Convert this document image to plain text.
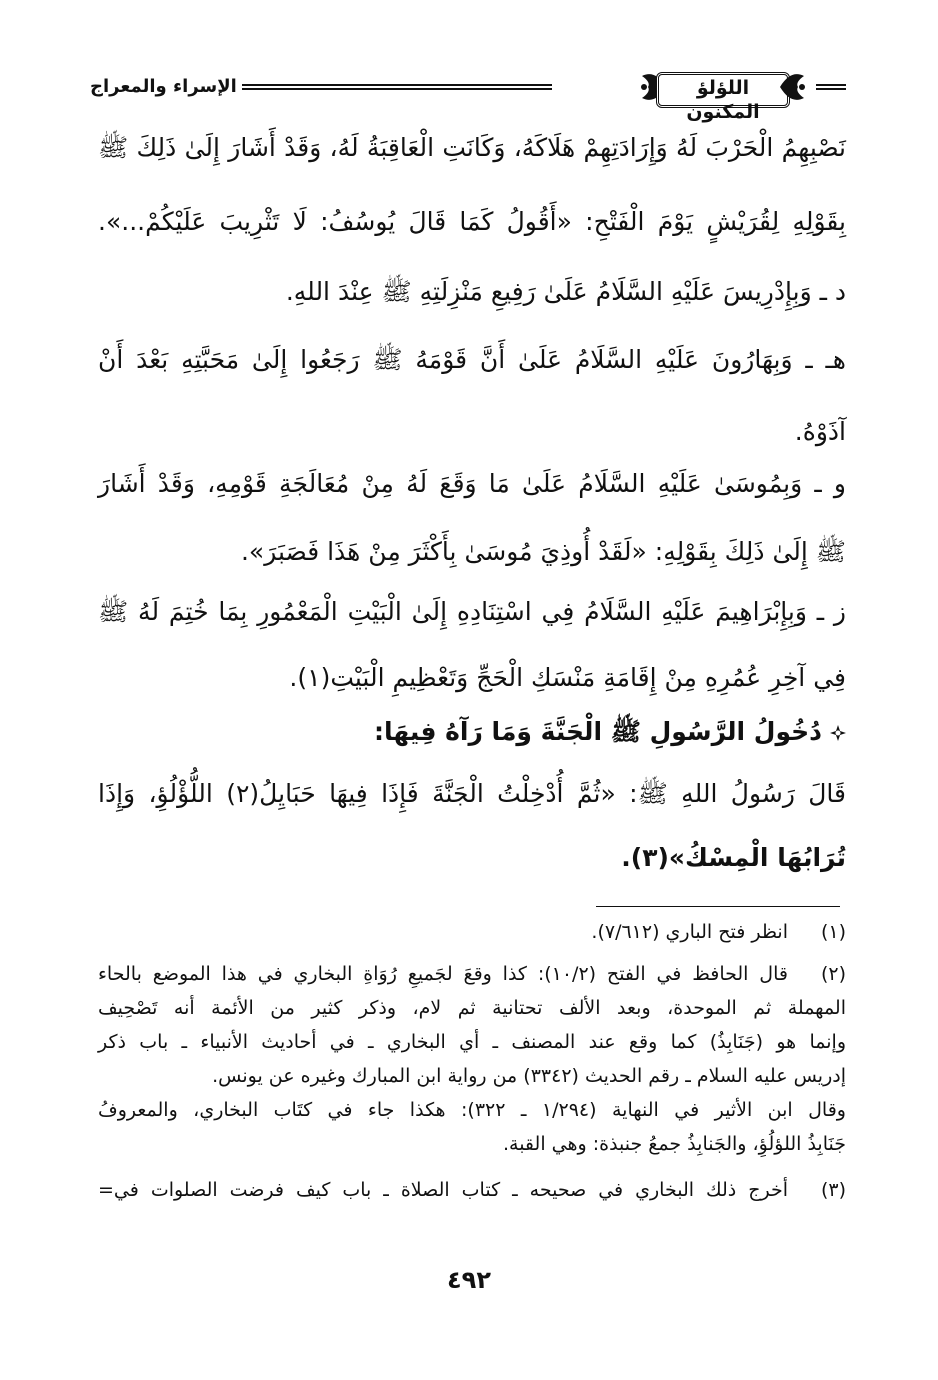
اللؤلؤ المكنون
الإسراء والمعراج
نَصْبِهِمُ الْحَرْبَ لَهُ وَإِرَادَتِهِمْ هَلَاكَهُ، وَكَانَتِ الْعَاقِبَةُ لَهُ، وَقَدْ أَشَارَ إِلَىٰ ذَلِكَ ﷺ
بِقَوْلِهِ لِقُرَيْشٍ يَوْمَ الْفَتْحِ: «أَقُولُ كَمَا قَالَ يُوسُفُ: لَا تَثْرِيبَ عَلَيْكُمْ...».
د ـ وَبِإِدْرِيسَ عَلَيْهِ السَّلَامُ عَلَىٰ رَفِيعِ مَنْزِلَتِهِ ﷺ عِنْدَ اللهِ.
هـ ـ وَبِهَارُونَ عَلَيْهِ السَّلَامُ عَلَىٰ أَنَّ قَوْمَهُ ﷺ رَجَعُوا إِلَىٰ مَحَبَّتِهِ بَعْدَ أَنْ
آذَوْهُ.
و ـ وَبِمُوسَىٰ عَلَيْهِ السَّلَامُ عَلَىٰ مَا وَقَعَ لَهُ مِنْ مُعَالَجَةِ قَوْمِهِ، وَقَدْ أَشَارَ
ﷺ إِلَىٰ ذَلِكَ بِقَوْلِهِ: «لَقَدْ أُوذِيَ مُوسَىٰ بِأَكْثَرَ مِنْ هَذَا فَصَبَرَ».
ز ـ وَبِإِبْرَاهِيمَ عَلَيْهِ السَّلَامُ فِي اسْتِنَادِهِ إِلَىٰ الْبَيْتِ الْمَعْمُورِ بِمَا خُتِمَ لَهُ ﷺ
فِي آخِرِ عُمُرِهِ مِنْ إِقَامَةِ مَنْسَكِ الْحَجِّ وَتَعْظِيمِ الْبَيْتِ(١).
دُخُولُ الرَّسُولِ ﷺ الْجَنَّةَ وَمَا رَآهُ فِيهَا:
قَالَ رَسُولُ اللهِ ﷺ: «ثُمَّ أُدْخِلْتُ الْجَنَّةَ فَإِذَا فِيهَا حَبَايِلُ(٢) اللُّؤْلُؤِ، وَإِذَا
تُرَابُهَا الْمِسْكُ»(٣).
(١)
انظر فتح الباري (٧/٦١٢).
(٢)
قال الحافظ في الفتح (١٠/٢): كذا وقعَ لجَميعِ رُوَاةِ البخاري في هذا الموضع بالحاء
المهملة ثم الموحدة، وبعد الألف تحتانية ثم لام، وذكر كثير من الأئمة أنه تَصْحِيف
وإنما هو (جَنَابِذُ) كما وقع عند المصنف ـ أي البخاري ـ في أحاديث الأنبياء ـ باب ذكر
إدريس عليه السلام ـ رقم الحديث (٣٣٤٢) من رواية ابن المبارك وغيره عن يونس.
وقال ابن الأثير في النهاية (١/٢٩٤ ـ ٣٢٢): هكذا جاء في كتَاب البخاري، والمعروفُ
جَنَابِذُ اللؤلُؤِ، والجَنابِذُ جمعُ جنبذة: وهي القبة.
(٣)
أخرج ذلك البخاري في صحيحه ـ كتاب الصلاة ـ باب كيف فرضت الصلوات في=
٤٩٢
